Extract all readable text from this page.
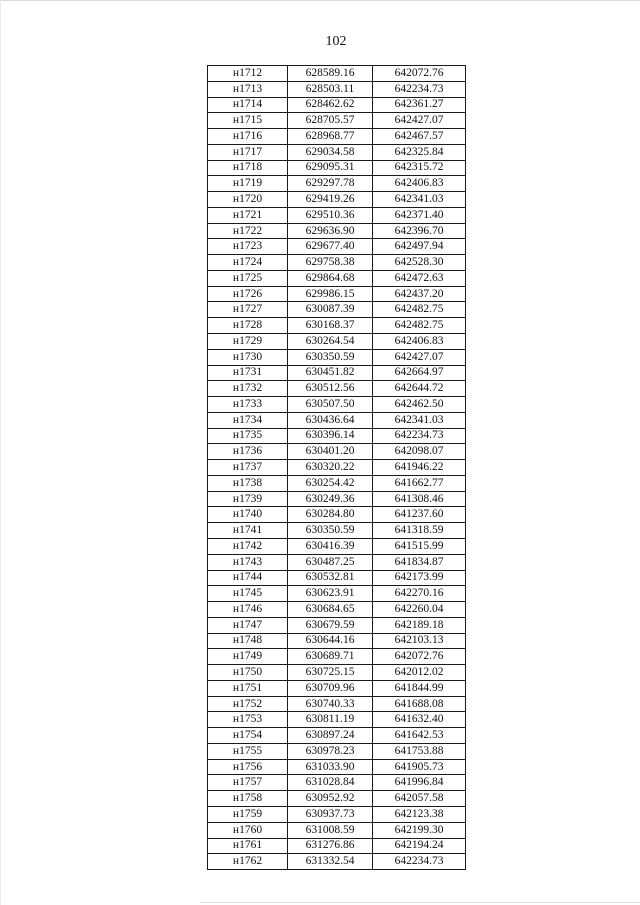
102
н1712	628589.16	642072.76
н1713	628503.11	642234.73
н1714	628462.62	642361.27
н1715	628705.57	642427.07
н1716	628968.77	642467.57
н1717	629034.58	642325.84
н1718	629095.31	642315.72
н1719	629297.78	642406.83
н1720	629419.26	642341.03
н1721	629510.36	642371.40
н1722	629636.90	642396.70
н1723	629677.40	642497.94
н1724	629758.38	642528.30
н1725	629864.68	642472.63
н1726	629986.15	642437.20
н1727	630087.39	642482.75
н1728	630168.37	642482.75
н1729	630264.54	642406.83
н1730	630350.59	642427.07
н1731	630451.82	642664.97
н1732	630512.56	642644.72
н1733	630507.50	642462.50
н1734	630436.64	642341.03
н1735	630396.14	642234.73
н1736	630401.20	642098.07
н1737	630320.22	641946.22
н1738	630254.42	641662.77
н1739	630249.36	641308.46
н1740	630284.80	641237.60
н1741	630350.59	641318.59
н1742	630416.39	641515.99
н1743	630487.25	641834.87
н1744	630532.81	642173.99
н1745	630623.91	642270.16
н1746	630684.65	642260.04
н1747	630679.59	642189.18
н1748	630644.16	642103.13
н1749	630689.71	642072.76
н1750	630725.15	642012.02
н1751	630709.96	641844.99
н1752	630740.33	641688.08
н1753	630811.19	641632.40
н1754	630897.24	641642.53
н1755	630978.23	641753.88
н1756	631033.90	641905.73
н1757	631028.84	641996.84
н1758	630952.92	642057.58
н1759	630937.73	642123.38
н1760	631008.59	642199.30
н1761	631276.86	642194.24
н1762	631332.54	642234.73
